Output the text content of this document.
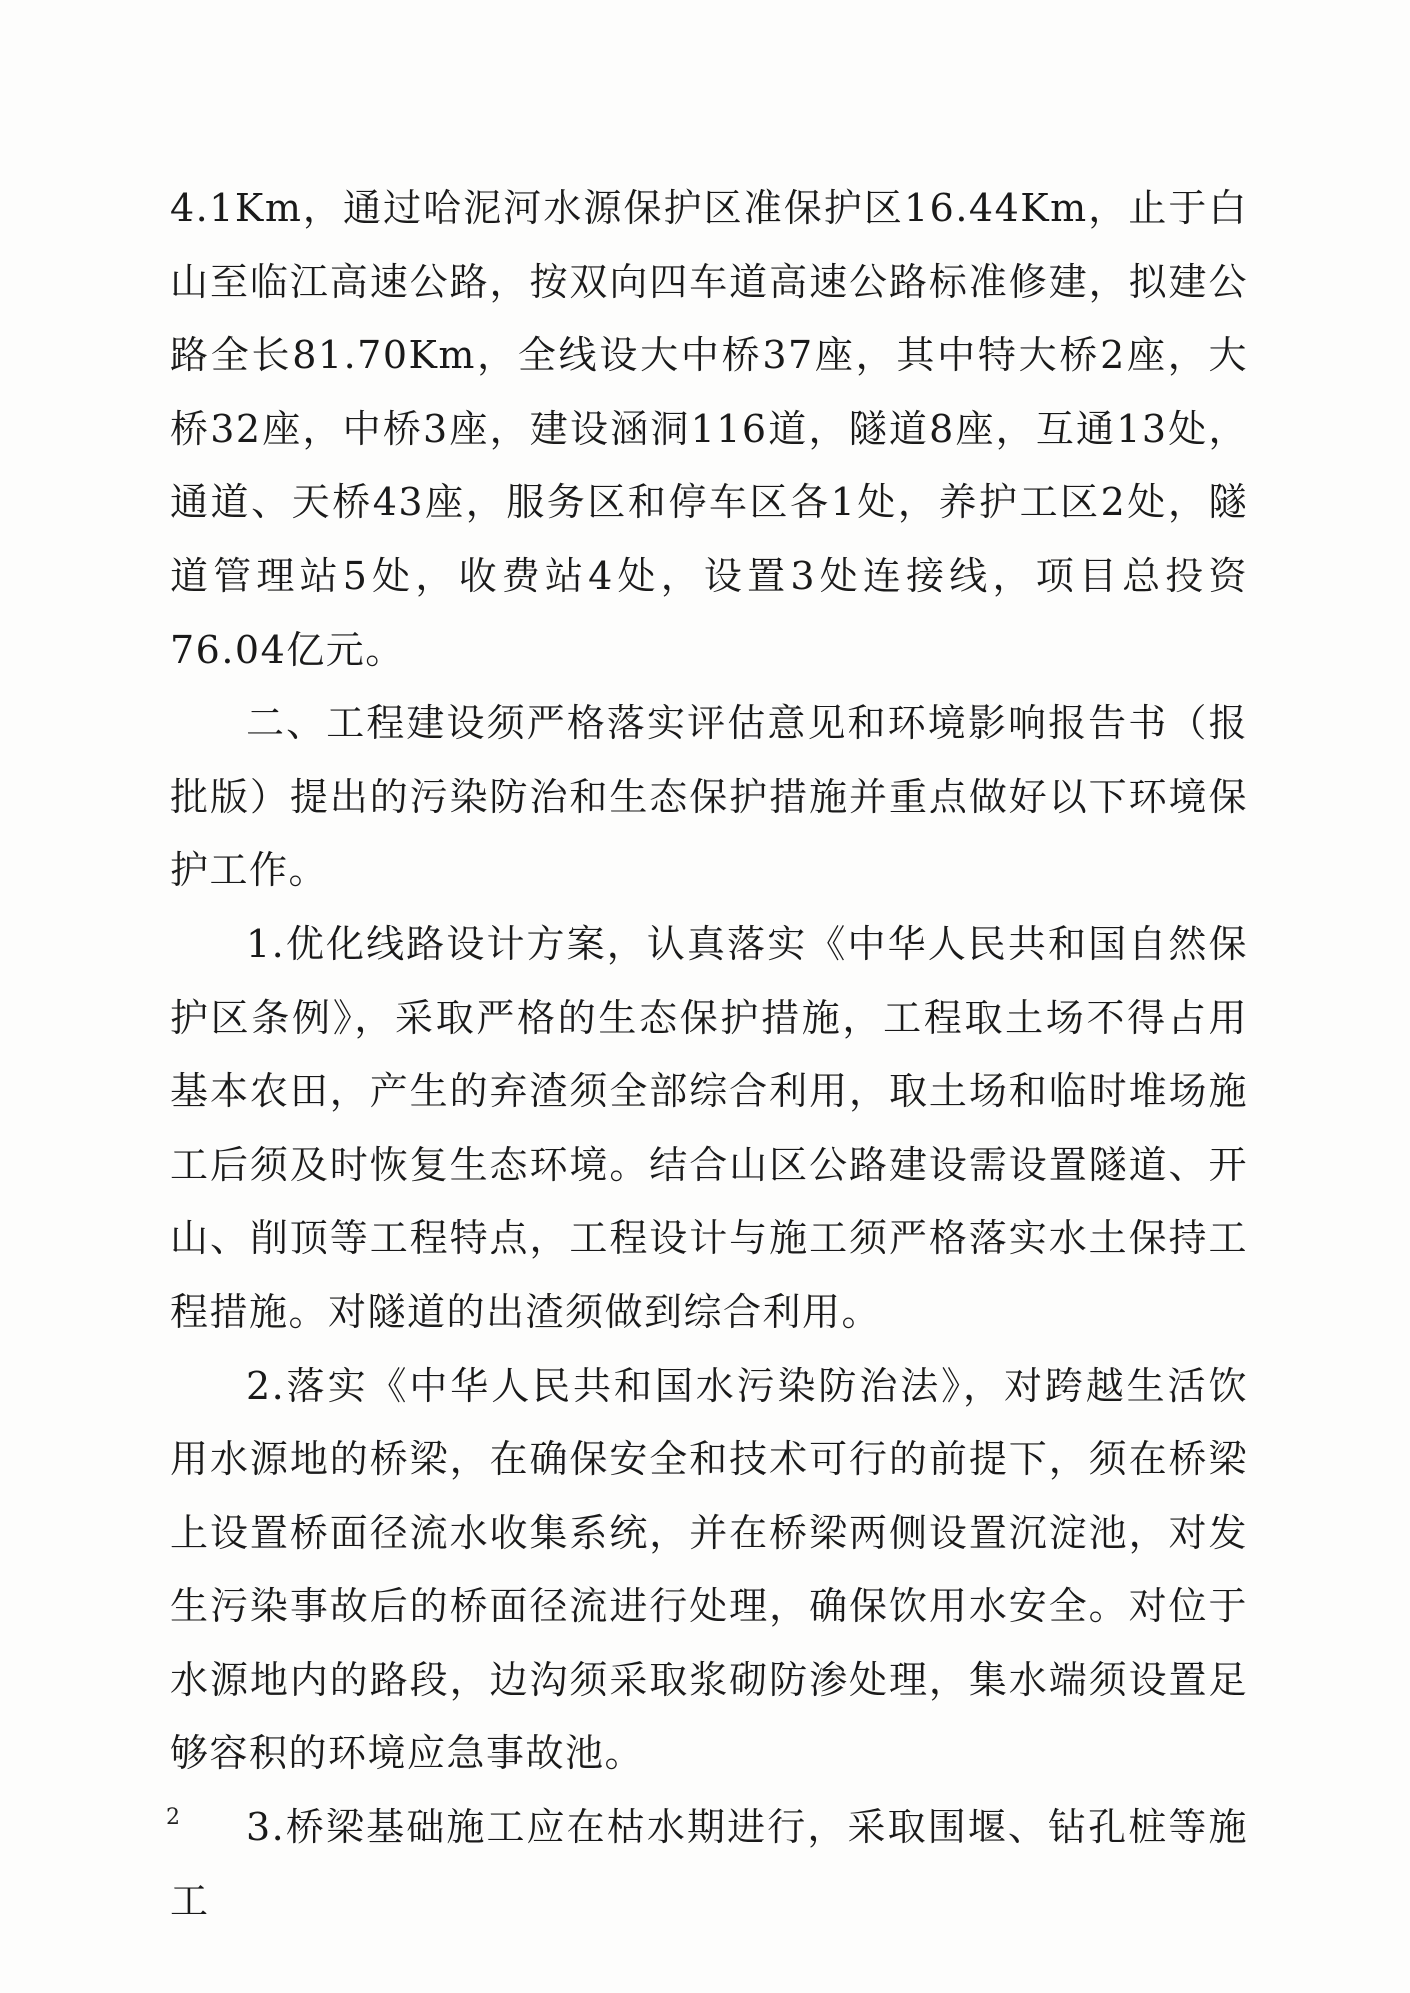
4.1Km，通过哈泥河水源保护区准保护区16.44Km，止于白山至临江高速公路，按双向四车道高速公路标准修建，拟建公路全长81.70Km，全线设大中桥37座，其中特大桥2座，大桥32座，中桥3座，建设涵洞116道，隧道8座，互通13处，通道、天桥43座，服务区和停车区各1处，养护工区2处，隧道管理站5处，收费站4处，设置3处连接线，项目总投资76.04亿元。

二、工程建设须严格落实评估意见和环境影响报告书（报批版）提出的污染防治和生态保护措施并重点做好以下环境保护工作。

1.优化线路设计方案，认真落实《中华人民共和国自然保护区条例》，采取严格的生态保护措施，工程取土场不得占用基本农田，产生的弃渣须全部综合利用，取土场和临时堆场施工后须及时恢复生态环境。结合山区公路建设需设置隧道、开山、削顶等工程特点，工程设计与施工须严格落实水土保持工程措施。对隧道的出渣须做到综合利用。

2.落实《中华人民共和国水污染防治法》，对跨越生活饮用水源地的桥梁，在确保安全和技术可行的前提下，须在桥梁上设置桥面径流水收集系统，并在桥梁两侧设置沉淀池，对发生污染事故后的桥面径流进行处理，确保饮用水安全。对位于水源地内的路段，边沟须采取浆砌防渗处理，集水端须设置足够容积的环境应急事故池。

3.桥梁基础施工应在枯水期进行，采取围堰、钻孔桩等施工

2
